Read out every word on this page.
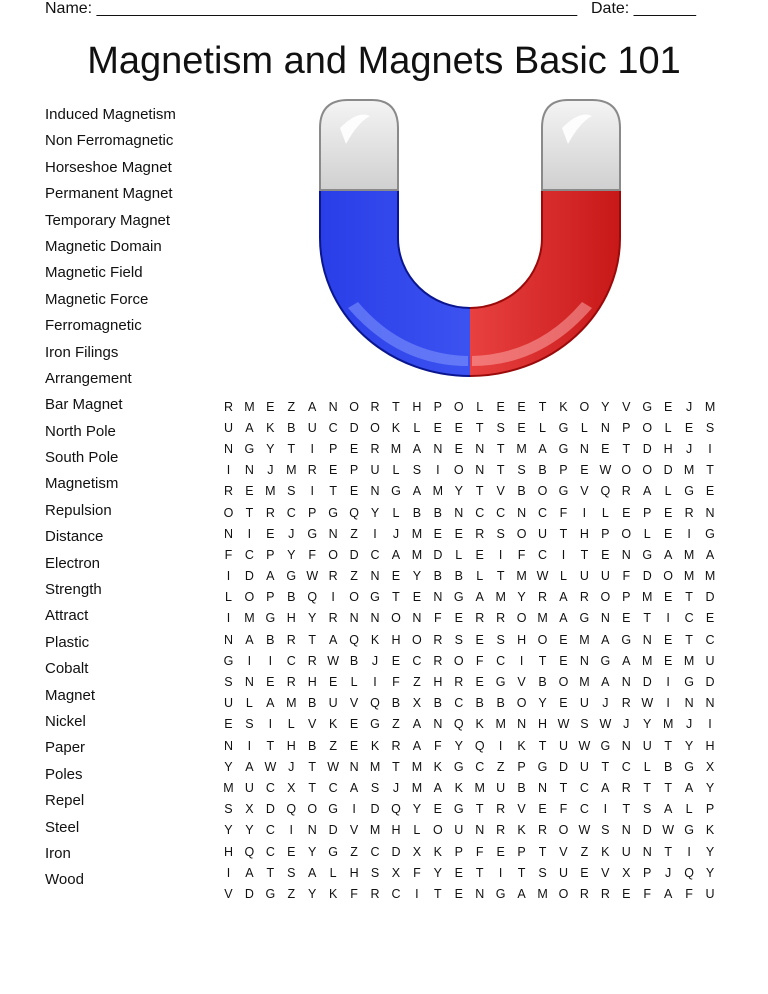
Name: ______________________________________________________ Date: _______
Magnetism and Magnets Basic 101
Induced Magnetism
Non Ferromagnetic
Horseshoe Magnet
Permanent Magnet
Temporary Magnet
Magnetic Domain
Magnetic Field
Magnetic Force
Ferromagnetic
Iron Filings
Arrangement
Bar Magnet
North Pole
South Pole
Magnetism
Repulsion
Distance
Electron
Strength
Attract
Plastic
Cobalt
Magnet
Nickel
Paper
Poles
Repel
Steel
Iron
Wood
R M E	Z	A N O R	T	H P O	L	E	E	T	K O Y	V G E	J	M
U A	K	B U C D O K	L	E	E	T	S	E	L	G	L	N P O	L	E	S
N G Y	T	I	P	E R M A N E N	T M A G N E	T	D H	J	I
I	N	J	M R E	P U	L	S	I	O N	T	S	B	P	E W O O D M T
R E M S	I	T	E N G A M Y	T	V	B O G V Q R A	L	G E
O T	R C P G Q Y	L	B	B N C C N C	F	I	L	E	P	E R N
N	I	E	J	G N	Z	I	J	M E	E R S O U	T	H P O	L	E	I	G
F	C P	Y	F O D C A M D	L	E	I	F	C	I	T	E N G A M A
I	D A G W R	Z	N E	Y	B	B	L	T M W L	U U	F	D O M M
L	O P	B Q	I	O G T	E N G A M Y R A R O P M E	T	D
I	M G H Y R N N O N	F	E R R O M A G N E	T	I	C E
N A	B R	T	A Q K H O R S	E	S H O E M A G N E	T	C
G	I	I	C R W B	J	E C R O F	C	I	T	E N G A M E M U
S N E R H E	L	I	F	Z	H R E G V	B O M A N D	I	G D
U	L	A M B U V Q B	X	B C B	B O Y	E U	J	R W	I	N N
E	S	I	L	V	K	E G Z	A N Q K M N H W S W J	Y M	J	I
N	I	T	H B	Z	E	K R A	F	Y Q	I	K	T	U W G N U	T	Y H
Y	A W J	T W N M T M K G C	Z	P G D U	T	C	L	B G X
M U C X	T	C A	S	J	M A	K M U B N	T	C A R	T	T	A	Y
S	X D Q O G	I	D Q Y	E G T	R V	E	F	C	I	T	S	A	L	P
Y	Y C	I	N D V M H	L	O U N R K R O W S N D W G K
H Q C E	Y G Z	C D X	K	P	F	E	P	T	V	Z	K U N	T	I	Y
I	A	T	S	A	L	H S	X	F	Y	E	T	I	T	S U E	V	X	P	J	Q Y
V D G Z	Y	K	F	R C	I	T	E N G A M O R R E	F	A	F	U
